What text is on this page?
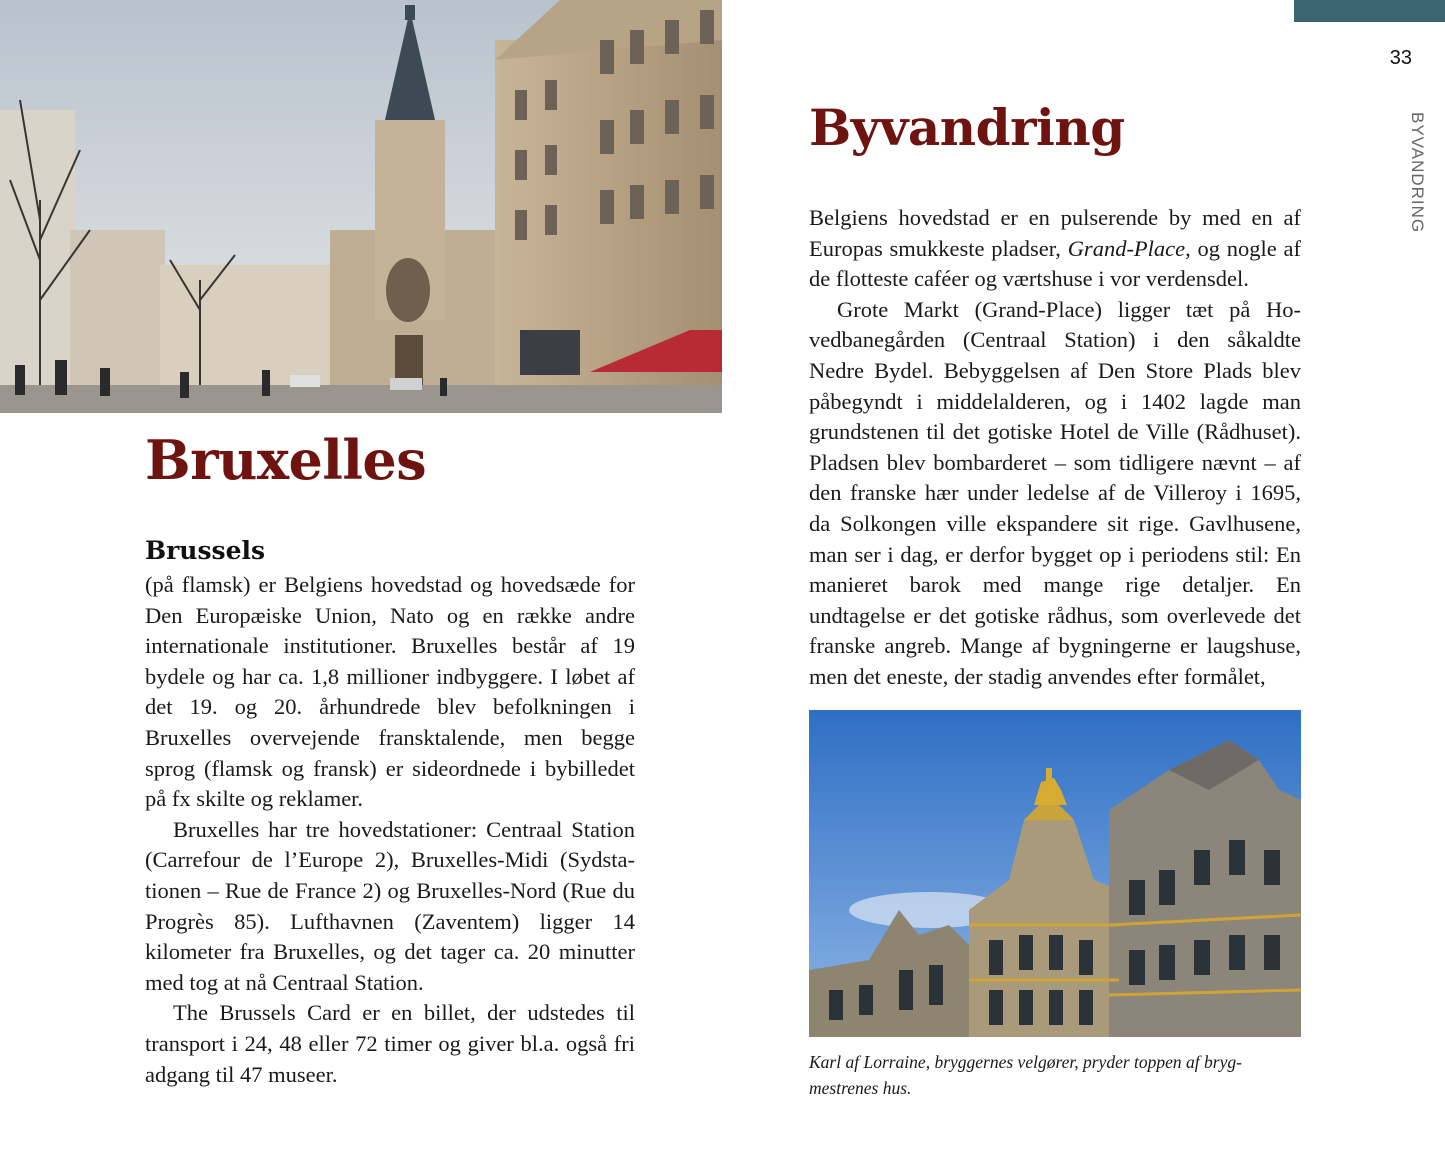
33
BYVANDRING
Bruxelles
Brussels

(på flamsk) er Belgiens hovedstad og hovedsæde for Den Europæiske Union, Nato og en række andre internationale institutioner. Bruxelles består af 19 bydele og har ca. 1,8 millioner indbyggere. I løbet af det 19. og 20. århundrede blev befolkningen i Bruxelles overvejende fransktalende, men begge sprog (flamsk og fransk) er sideordnede i bybilledet på fx skilte og reklamer.

Bruxelles har tre hovedstationer: Centraal Station (Carrefour de l’Europe 2), Bruxelles-Midi (Sydstationen – Rue de France 2) og Bruxelles-Nord (Rue du Progrès 85). Lufthavnen (Zaventem) ligger 14 kilometer fra Bruxelles, og det tager ca. 20 minutter med tog at nå Centraal Station.

The Brussels Card er en billet, der udstedes til transport i 24, 48 eller 72 timer og giver bl.a. også fri adgang til 47 museer.

Byvandring

Belgiens hovedstad er en pulserende by med en af Europas smukkeste pladser, Grand-Place, og nogle af de flotteste caféer og værtshuse i vor verdensdel.

Grote Markt (Grand-Place) ligger tæt på Hovedbanegården (Centraal Station) i den såkaldte Nedre Bydel. Bebyggelsen af Den Store Plads blev påbegyndt i middelalderen, og i 1402 lagde man grundstenen til det gotiske Hotel de Ville (Rådhuset). Pladsen blev bombarderet – som tidligere nævnt – af den franske hær under ledelse af de Villeroy i 1695, da Solkongen ville ekspandere sit rige. Gavlhusene, man ser i dag, er derfor bygget op i periodens stil: En manieret barok med mange rige detaljer. En undtagelse er det gotiske rådhus, som overlevede det franske angreb. Mange af bygningerne er laugshuse, men det eneste, der stadig anvendes efter formålet,

Karl af Lorraine, bryggernes velgører, pryder toppen af brygmestrenes hus.
